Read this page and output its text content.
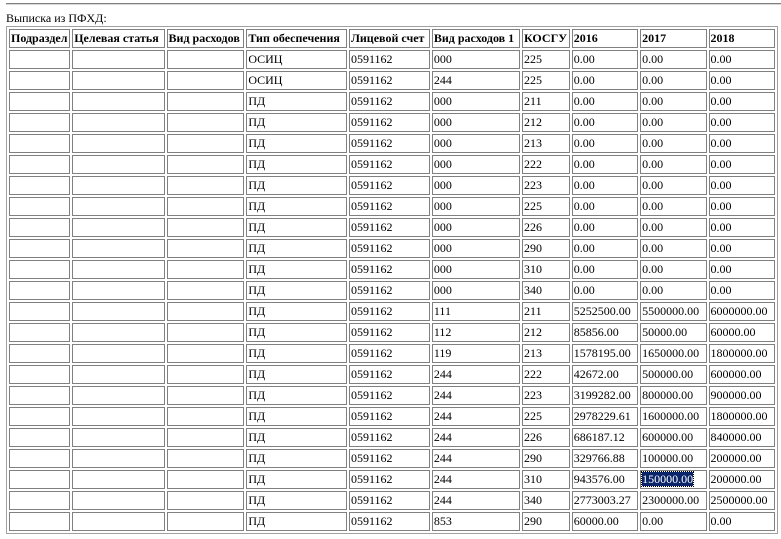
Выписка из ПФХД:
Подраздел	Целевая статья	Вид расходов	Тип обеспечения	Лицевой счет	Вид расходов 1	КОСГУ	2016	2017	2018
			ОСИЦ	0591162	000	225	0.00	0.00	0.00
			ОСИЦ	0591162	244	225	0.00	0.00	0.00
			ПД	0591162	000	211	0.00	0.00	0.00
			ПД	0591162	000	212	0.00	0.00	0.00
			ПД	0591162	000	213	0.00	0.00	0.00
			ПД	0591162	000	222	0.00	0.00	0.00
			ПД	0591162	000	223	0.00	0.00	0.00
			ПД	0591162	000	225	0.00	0.00	0.00
			ПД	0591162	000	226	0.00	0.00	0.00
			ПД	0591162	000	290	0.00	0.00	0.00
			ПД	0591162	000	310	0.00	0.00	0.00
			ПД	0591162	000	340	0.00	0.00	0.00
			ПД	0591162	111	211	5252500.00	5500000.00	6000000.00
			ПД	0591162	112	212	85856.00	50000.00	60000.00
			ПД	0591162	119	213	1578195.00	1650000.00	1800000.00
			ПД	0591162	244	222	42672.00	500000.00	600000.00
			ПД	0591162	244	223	3199282.00	800000.00	900000.00
			ПД	0591162	244	225	2978229.61	1600000.00	1800000.00
			ПД	0591162	244	226	686187.12	600000.00	840000.00
			ПД	0591162	244	290	329766.88	100000.00	200000.00
			ПД	0591162	244	310	943576.00	150000.00	200000.00
			ПД	0591162	244	340	2773003.27	2300000.00	2500000.00
			ПД	0591162	853	290	60000.00	0.00	0.00
